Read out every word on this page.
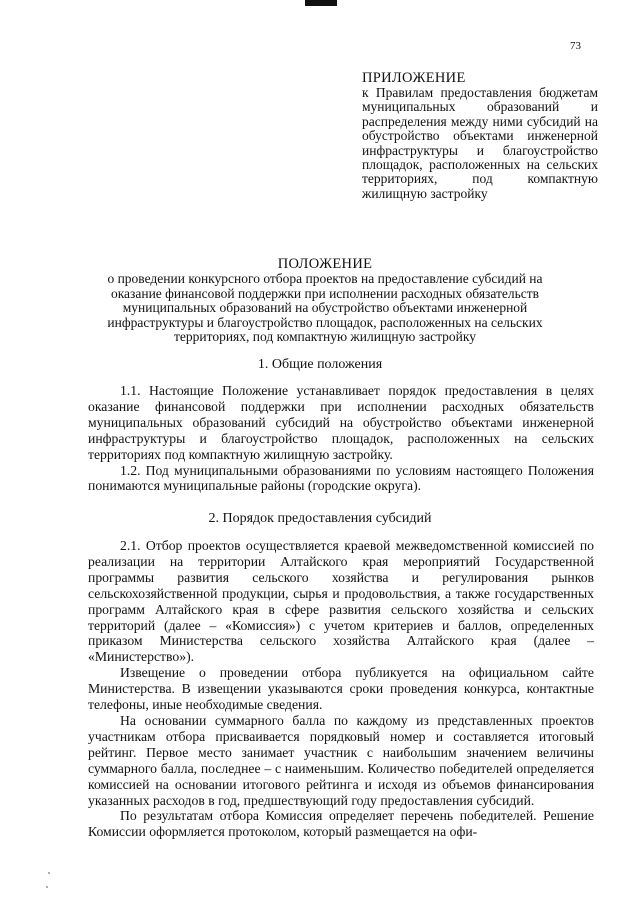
73
ПРИЛОЖЕНИЕ
к Правилам предоставления бюджетам муниципальных образований и распределения между ними субсидий на обустройство объектами инженерной инфраструктуры и благоустройство площадок, расположенных на сельских территориях, под компактную жилищную застройку
ПОЛОЖЕНИЕ
о проведении конкурсного отбора проектов на предоставление субсидий на оказание финансовой поддержки при исполнении расходных обязательств муниципальных образований на обустройство объектами инженерной инфраструктуры и благоустройство площадок, расположенных на сельских территориях, под компактную жилищную застройку
1. Общие положения

1.1. Настоящие Положение устанавливает порядок предоставления в целях оказание финансовой поддержки при исполнении расходных обязательств муниципальных образований субсидий на обустройство объектами инженерной инфраструктуры и благоустройство площадок, расположенных на сельских территориях под компактную жилищную застройку.

1.2. Под муниципальными образованиями по условиям настоящего Положения понимаются муниципальные районы (городские округа).

2. Порядок предоставления субсидий

2.1. Отбор проектов осуществляется краевой межведомственной комиссией по реализации на территории Алтайского края мероприятий Государственной программы развития сельского хозяйства и регулирования рынков сельскохозяйственной продукции, сырья и продовольствия, а также государственных программ Алтайского края в сфере развития сельского хозяйства и сельских территорий (далее – «Комиссия») с учетом критериев и баллов, определенных приказом Министерства сельского хозяйства Алтайского края (далее – «Министерство»).

Извещение о проведении отбора публикуется на официальном сайте Министерства. В извещении указываются сроки проведения конкурса, контактные телефоны, иные необходимые сведения.

На основании суммарного балла по каждому из представленных проектов участникам отбора присваивается порядковый номер и составляется итоговый рейтинг. Первое место занимает участник с наибольшим значением величины суммарного балла, последнее – с наименьшим. Количество победителей определяется комиссией на основании итогового рейтинга и исходя из объемов финансирования указанных расходов в год, предшествующий году предоставления субсидий.

По результатам отбора Комиссия определяет перечень победителей. Решение Комиссии оформляется протоколом, который размещается на офи-
